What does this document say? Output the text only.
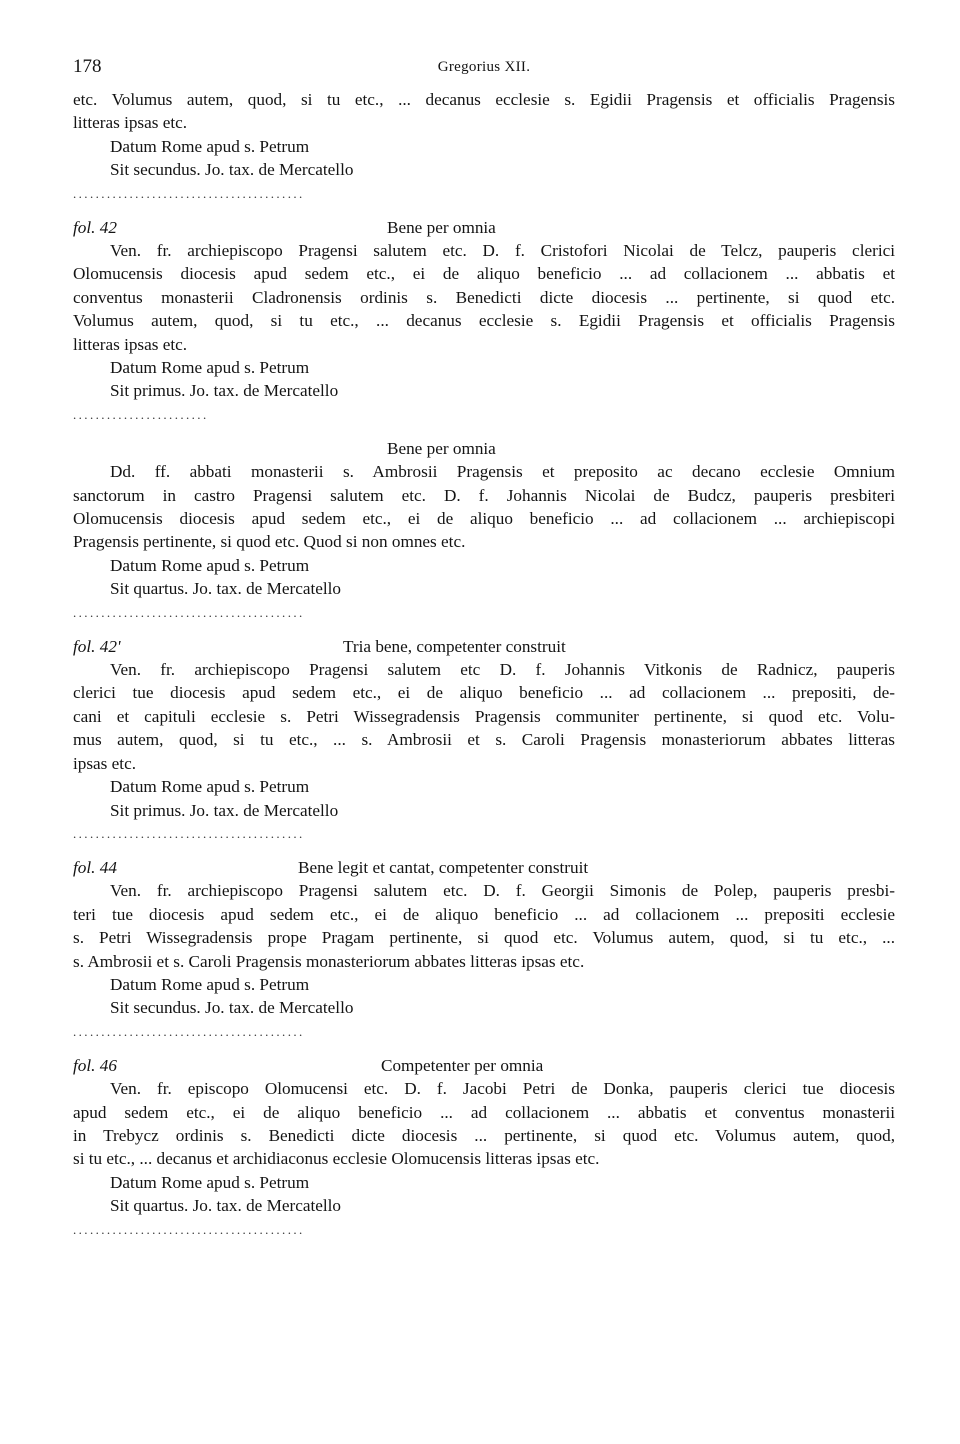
178	Gregorius XII.

etc. Volumus autem, quod, si tu etc., ... decanus ecclesie s. Egidii Pragensis et officialis Pragensis

litteras ipsas etc.

Datum Rome apud s. Petrum

Sit secundus. Jo. tax. de Mercatello

.........................................

fol. 42	Bene per omnia

Ven. fr. archiepiscopo Pragensi salutem etc. D. f. Cristofori Nicolai de Telcz, pauperis clerici

Olomucensis diocesis apud sedem etc., ei de aliquo beneficio ... ad collacionem ... abbatis et

conventus monasterii Cladronensis ordinis s. Benedicti dicte diocesis ... pertinente, si quod etc.

Volumus autem, quod, si tu etc., ... decanus ecclesie s. Egidii Pragensis et officialis Pragensis

litteras ipsas etc.

Datum Rome apud s. Petrum

Sit primus. Jo. tax. de Mercatello

........................

Bene per omnia

Dd. ff. abbati monasterii s. Ambrosii Pragensis et preposito ac decano ecclesie Omnium

sanctorum in castro Pragensi salutem etc. D. f. Johannis Nicolai de Budcz, pauperis presbiteri

Olomucensis diocesis apud sedem etc., ei de aliquo beneficio ... ad collacionem ... archiepiscopi

Pragensis pertinente, si quod etc. Quod si non omnes etc.

Datum Rome apud s. Petrum

Sit quartus. Jo. tax. de Mercatello

.........................................

fol. 42'	Tria bene, competenter construit

Ven. fr. archiepiscopo Pragensi salutem etc D. f. Johannis Vitkonis de Radnicz, pauperis

clerici tue diocesis apud sedem etc., ei de aliquo beneficio ... ad collacionem ... prepositi, de-

cani et capituli ecclesie s. Petri Wissegradensis Pragensis communiter pertinente, si quod etc. Volu-

mus autem, quod, si tu etc., ... s. Ambrosii et s. Caroli Pragensis monasteriorum abbates litteras

ipsas etc.

Datum Rome apud s. Petrum

Sit primus. Jo. tax. de Mercatello

.........................................

fol. 44	Bene legit et cantat, competenter construit

Ven. fr. archiepiscopo Pragensi salutem etc. D. f. Georgii Simonis de Polep, pauperis presbi-

teri tue diocesis apud sedem etc., ei de aliquo beneficio ... ad collacionem ... prepositi ecclesie

s. Petri Wissegradensis prope Pragam pertinente, si quod etc. Volumus autem, quod, si tu etc., ...

s. Ambrosii et s. Caroli Pragensis monasteriorum abbates litteras ipsas etc.

Datum Rome apud s. Petrum

Sit secundus. Jo. tax. de Mercatello

.........................................

fol. 46	Competenter per omnia

Ven. fr. episcopo Olomucensi etc. D. f. Jacobi Petri de Donka, pauperis clerici tue diocesis

apud sedem etc., ei de aliquo beneficio ... ad collacionem ... abbatis et conventus monasterii

in Trebycz ordinis s. Benedicti dicte diocesis ... pertinente, si quod etc. Volumus autem, quod,

si tu etc., ... decanus et archidiaconus ecclesie Olomucensis litteras ipsas etc.

Datum Rome apud s. Petrum

Sit quartus. Jo. tax. de Mercatello

.........................................
